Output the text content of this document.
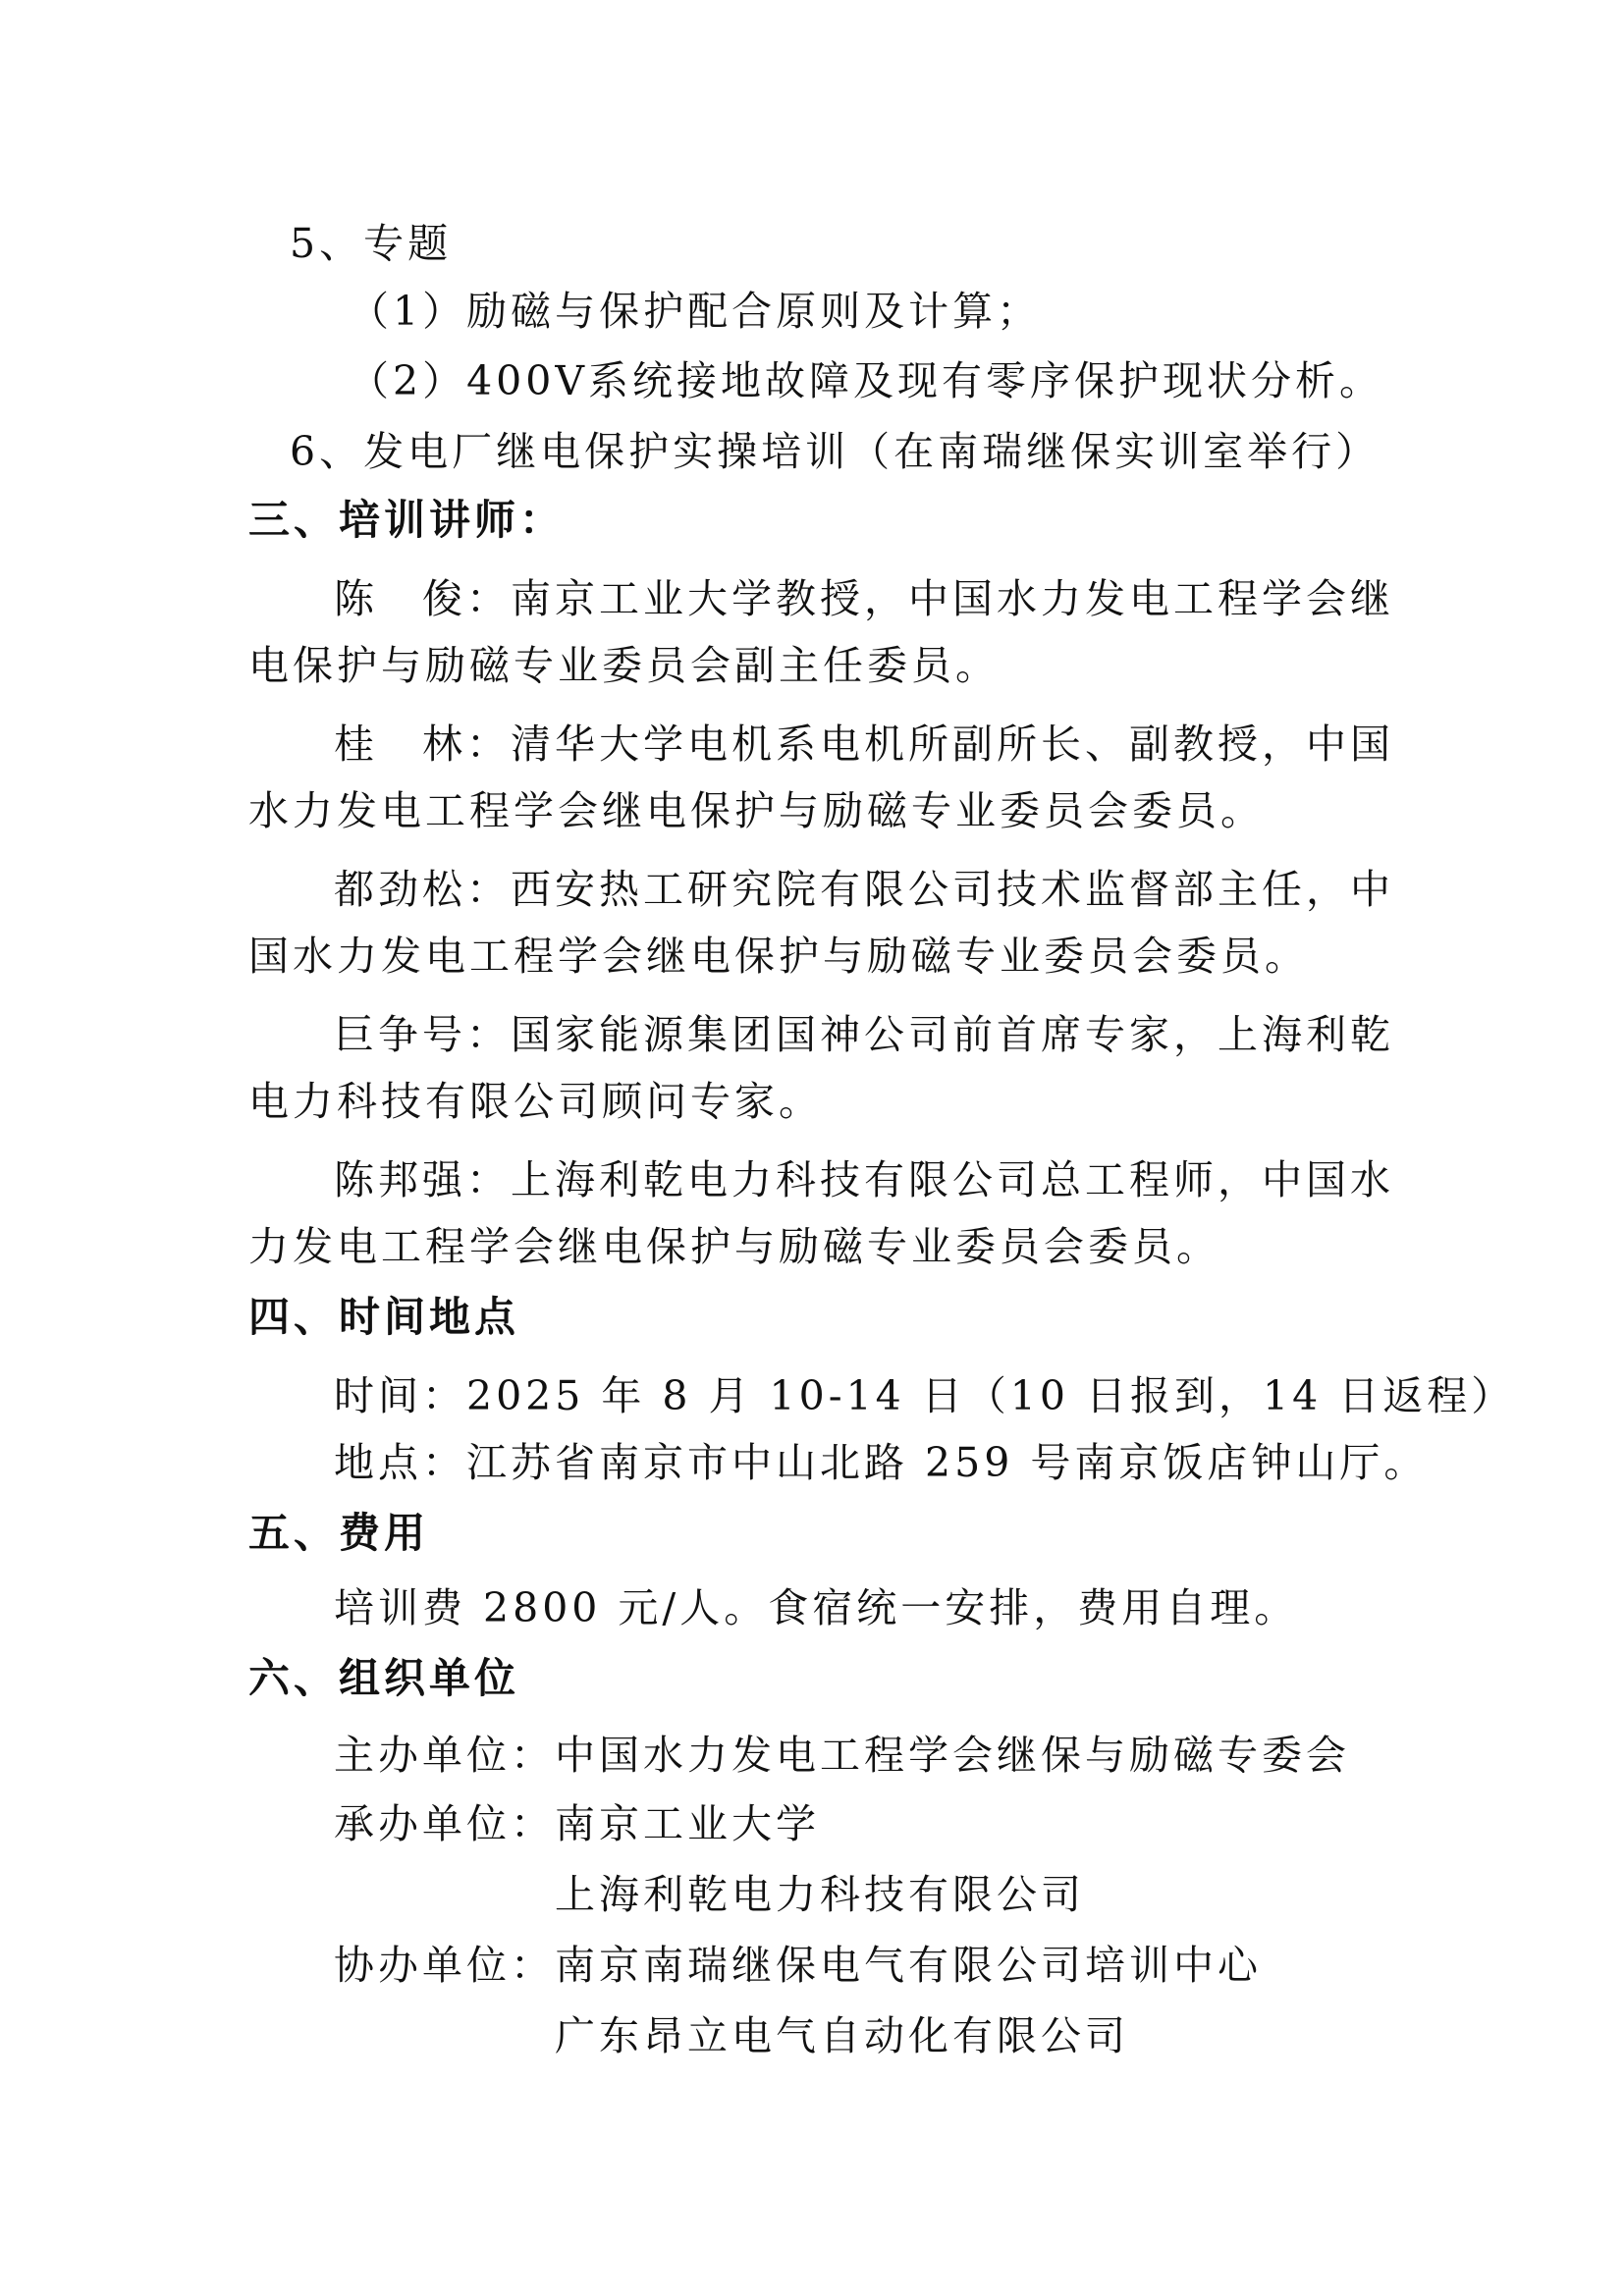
5、专题
（1）励磁与保护配合原则及计算；
（2）400V系统接地故障及现有零序保护现状分析。
6、发电厂继电保护实操培训（在南瑞继保实训室举行）
三、培训讲师：
陈　俊：南京工业大学教授，中国水力发电工程学会继
电保护与励磁专业委员会副主任委员。
桂　林：清华大学电机系电机所副所长、副教授，中国
水力发电工程学会继电保护与励磁专业委员会委员。
都劲松：西安热工研究院有限公司技术监督部主任，中
国水力发电工程学会继电保护与励磁专业委员会委员。
巨争号：国家能源集团国神公司前首席专家，上海利乾
电力科技有限公司顾问专家。
陈邦强：上海利乾电力科技有限公司总工程师，中国水
力发电工程学会继电保护与励磁专业委员会委员。
四、时间地点
时间：2025 年 8 月 10-14 日（10 日报到，14 日返程）
地点：江苏省南京市中山北路 259 号南京饭店钟山厅。
五、费用
培训费 2800 元/人。食宿统一安排，费用自理。
六、组织单位
主办单位： 中国水力发电工程学会继保与励磁专委会
承办单位： 南京工业大学
上海利乾电力科技有限公司
协办单位： 南京南瑞继保电气有限公司培训中心
广东昂立电气自动化有限公司
